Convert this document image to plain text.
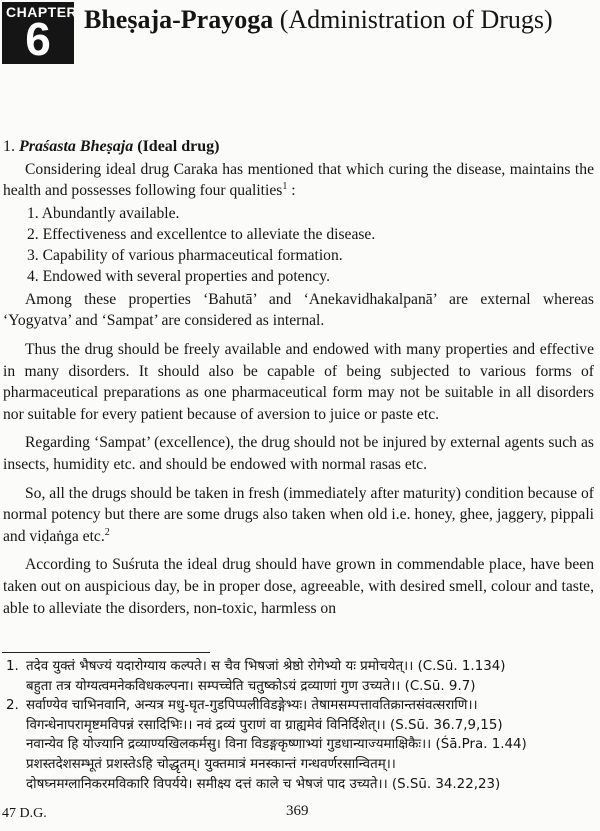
CHAPTER
6	Bheṣaja-Prayoga (Administration of Drugs)
1. Praśasta Bheṣaja (Ideal drug)

Considering ideal drug Caraka has mentioned that which curing the disease, maintains the health and possesses following four qualities$^1$ :

1. Abundantly available.
2. Effectiveness and excellentce to alleviate the disease.
3. Capability of various pharmaceutical formation.
4. Endowed with several properties and potency.

Among these properties ‘Bahutā’ and ‘Anekavidhakalpanā’ are external whereas ‘Yogyatva’ and ‘Sampat’ are considered as internal.

Thus the drug should be freely available and endowed with many properties and effective in many disorders. It should also be capable of being subjected to various forms of pharmaceutical preparations as one pharmaceutical form may not be suitable in all disorders nor suitable for every patient because of aversion to juice or paste etc.

Regarding ‘Sampat’ (excellence), the drug should not be injured by external agents such as insects, humidity etc. and should be endowed with normal rasas etc.

So, all the drugs should be taken in fresh (immediately after maturity) condition because of normal potency but there are some drugs also taken when old i.e. honey, ghee, jaggery, pippali and viḍaṅga etc.$^2$

According to Suśruta the ideal drug should have grown in commendable place, have been taken out on auspicious day, be in proper dose, agreeable, with desired smell, colour and taste, able to alleviate the disorders, non-toxic, harmless on

1. तदेव युक्तं भैषज्यं यदारोग्याय कल्पते। स चैव भिषजां श्रेष्ठो रोगेभ्यो यः प्रमोचयेत्।। (C.Sū. 1.134)
बहुता तत्र योग्यत्वमनेकविधकल्पना। सम्पच्चेति चतुष्कोऽयं द्रव्याणां गुण उच्यते।। (C.Sū. 9.7)
2. सर्वाण्येव चाभिनवानि, अन्यत्र मधु-घृत-गुडपिप्पलीविडङ्गेभ्यः। तेषामसम्पत्तावतिक्रान्तसंवत्सराणि।।
विगन्धेनापरामृष्टमविपन्नं रसादिभिः।। नवं द्रव्यं पुराणं वा ग्राह्यमेवं विनिर्दिशेत्।। (S.Sū. 36.7,9,15)
नवान्येव हि योज्यानि द्रव्याण्यखिलकर्मसु। विना विडङ्गकृष्णाभ्यां गुडधान्याज्यमाक्षिकैः।। (Śā.Pra. 1.44)
प्रशस्तदेशसम्भूतं प्रशस्तेऽहि चोद्धृतम्। युक्तमात्रं मनस्कान्तं गन्धवर्णरसान्वितम्।।
दोषघ्नमग्लानिकरमविकारि विपर्यये। समीक्ष्य दत्तं काले च भेषजं पाद उच्यते।। (S.Sū. 34.22,23)
47 D.G.	369
